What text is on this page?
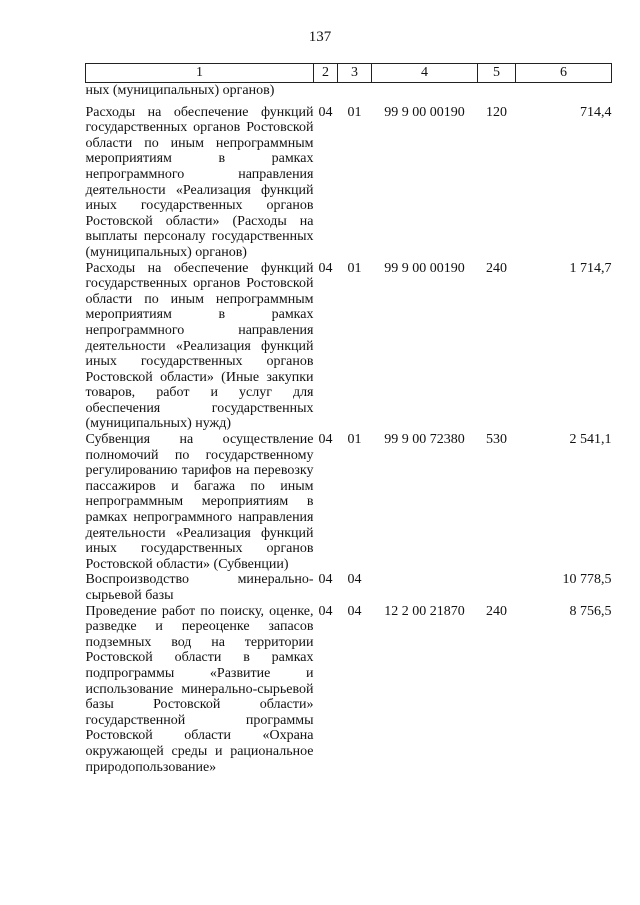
137
1	2	3	4	5	6
ных (муниципальных) органов)					
Расходы на обеспечение функций государственных органов Ростовской области по иным непрограммным мероприятиям в рамках непрограммного направления деятельности «Реализация функций иных государственных органов Ростовской области» (Расходы на выплаты персоналу государственных (муниципальных) органов)	04	01	99 9 00 00190	120	714,4
Расходы на обеспечение функций государственных органов Ростовской области по иным непрограммным мероприятиям в рамках непрограммного направления деятельности «Реализация функций иных государственных органов Ростовской области» (Иные закупки товаров, работ и услуг для обеспечения государственных (муниципальных) нужд)	04	01	99 9 00 00190	240	1 714,7
Субвенция на осуществление полномочий по государственному регулированию тарифов на перевозку пассажиров и багажа по иным непрограммным мероприятиям в рамках непрограммного направления деятельности «Реализация функций иных государственных органов Ростовской области» (Субвенции)	04	01	99 9 00 72380	530	2 541,1
Воспроизводство минерально-сырьевой базы	04	04			10 778,5
Проведение работ по поиску, оценке, разведке и переоценке запасов подземных вод на территории Ростовской области в рамках подпрограммы «Развитие и использование минерально-сырьевой базы Ростовской области» государственной программы Ростовской области «Охрана окружающей среды и рациональное природопользование»	04	04	12 2 00 21870	240	8 756,5
